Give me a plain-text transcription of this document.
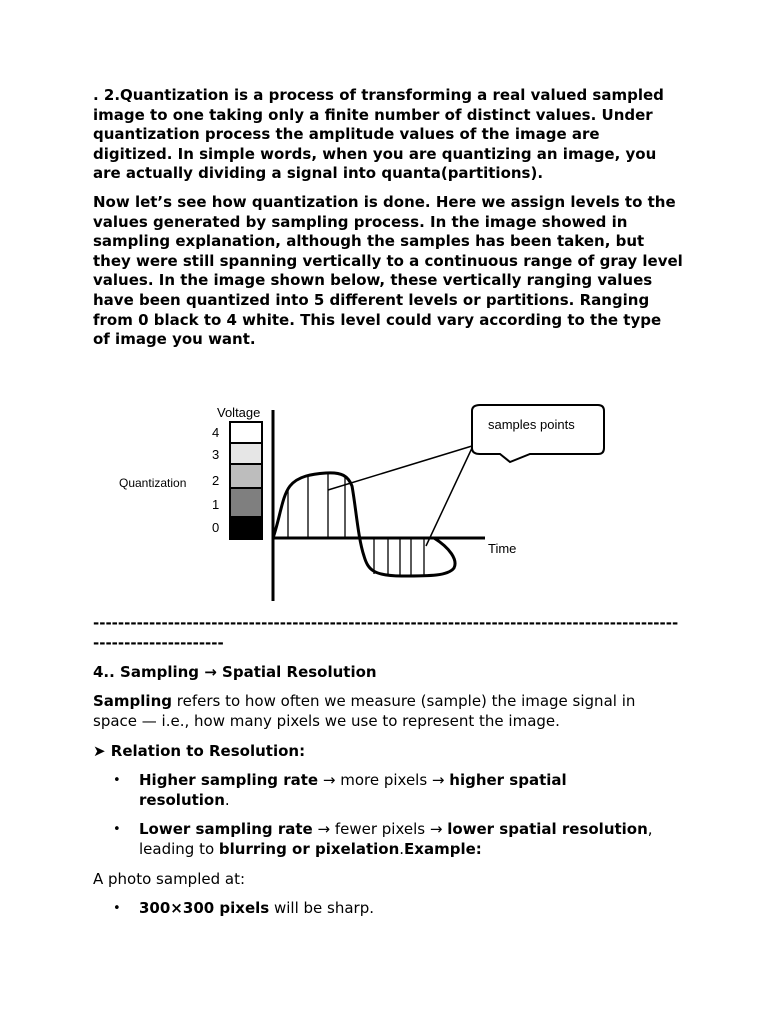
. 2.Quantization is a process of transforming a real valued sampled image to one taking only a finite number of distinct values. Under quantization process the amplitude values of the image are digitized. In simple words, when you are quantizing an image, you are actually dividing a signal into quanta(partitions).

Now let’s see how quantization is done. Here we assign levels to the values generated by sampling process. In the image showed in sampling explanation, although the samples has been taken, but they were still spanning vertically to a continuous range of gray level values. In the image shown below, these vertically ranging values have been quantized into 5 different levels or partitions. Ranging from 0 black to 4 white. This level could vary according to the type of image you want.

4
3
2
1
0
Voltage
Quantization
Time
samples points
-------------------------------------------------------------------------------------------------------------------
4.. Sampling → Spatial Resolution
Sampling refers to how often we measure (sample) the image signal in space — i.e., how many pixels we use to represent the image.
➤ Relation to Resolution:
• Higher sampling rate → more pixels → higher spatial resolution.
• Lower sampling rate → fewer pixels → lower spatial resolution, leading to blurring or pixelation.Example:
A photo sampled at:
• 300×300 pixels will be sharp.
